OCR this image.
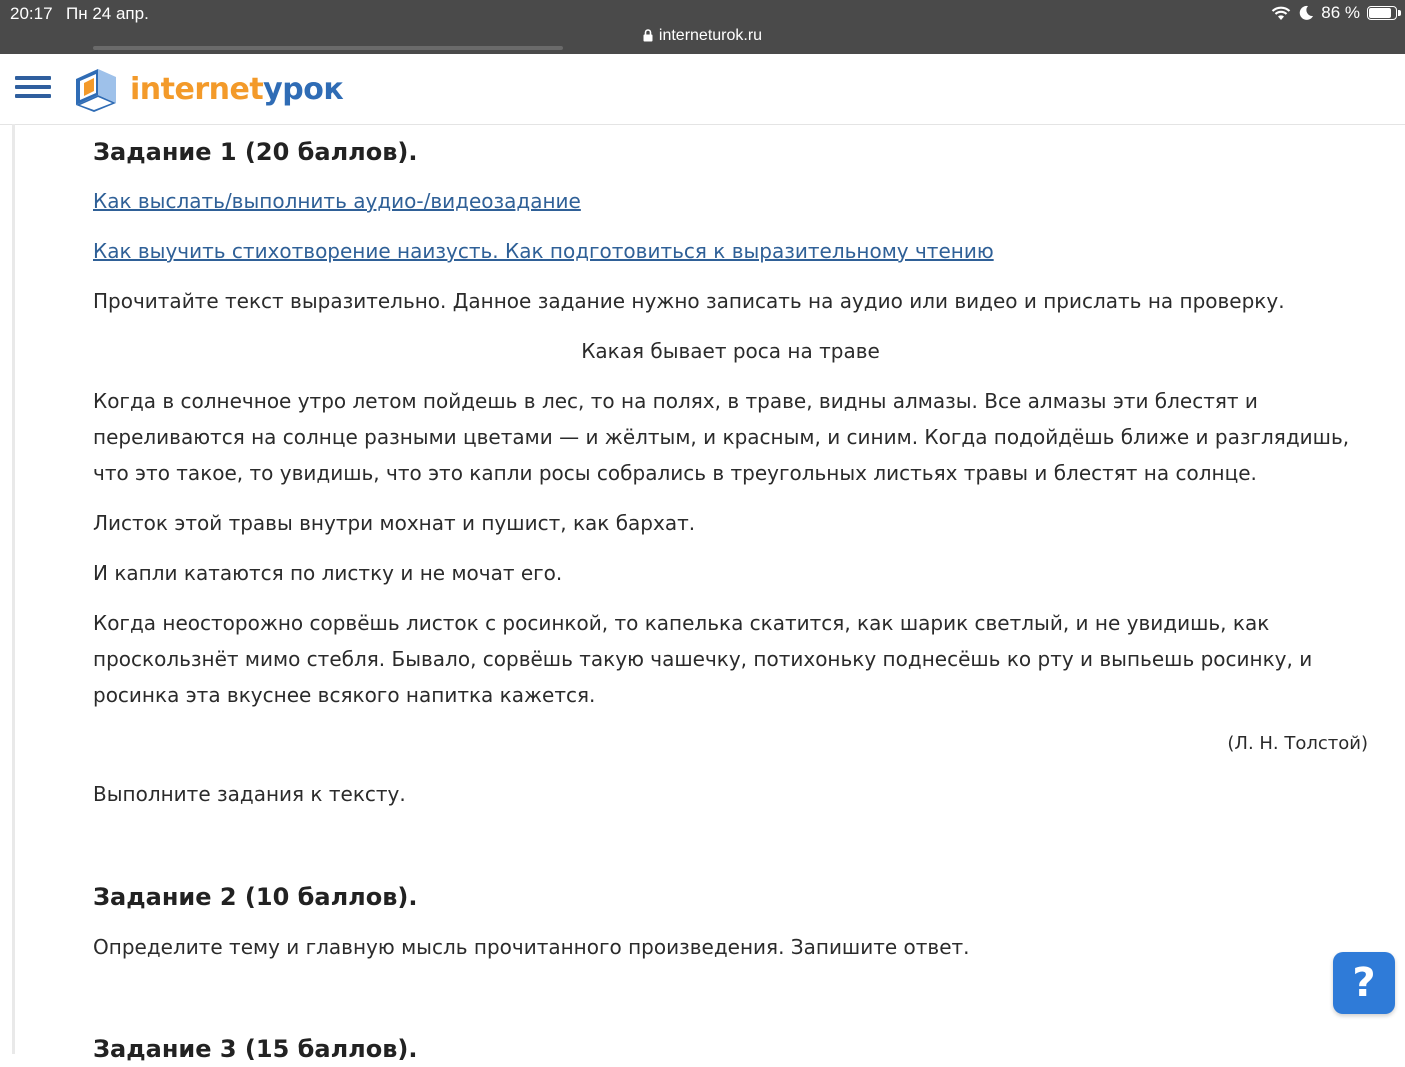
20:17 Пн 24 апр.	86 %
interneturok.ru
internetурок
Задание 1 (20 баллов).
Как выслать/выполнить аудио-/видеозадание
Как выучить стихотворение наизусть. Как подготовиться к выразительному чтению

Прочитайте текст выразительно. Данное задание нужно записать на аудио или видео и прислать на проверку.

Какая бывает роса на траве

Когда в солнечное утро летом пойдешь в лес, то на полях, в траве, видны алмазы. Все алмазы эти блестят и переливаются на солнце разными цветами — и жёлтым, и красным, и синим. Когда подойдёшь ближе и разглядишь, что это такое, то увидишь, что это капли росы собрались в треугольных листьях травы и блестят на солнце.

Листок этой травы внутри мохнат и пушист, как бархат.

И капли катаются по листку и не мочат его.

Когда неосторожно сорвёшь листок с росинкой, то капелька скатится, как шарик светлый, и не увидишь, как проскользнёт мимо стебля. Бывало, сорвёшь такую чашечку, потихоньку поднесёшь ко рту и выпьешь росинку, и росинка эта вкуснее всякого напитка кажется.

(Л. Н. Толстой)

Выполните задания к тексту.

Задание 2 (10 баллов).

Определите тему и главную мысль прочитанного произведения. Запишите ответ.

Задание 3 (15 баллов).
?
